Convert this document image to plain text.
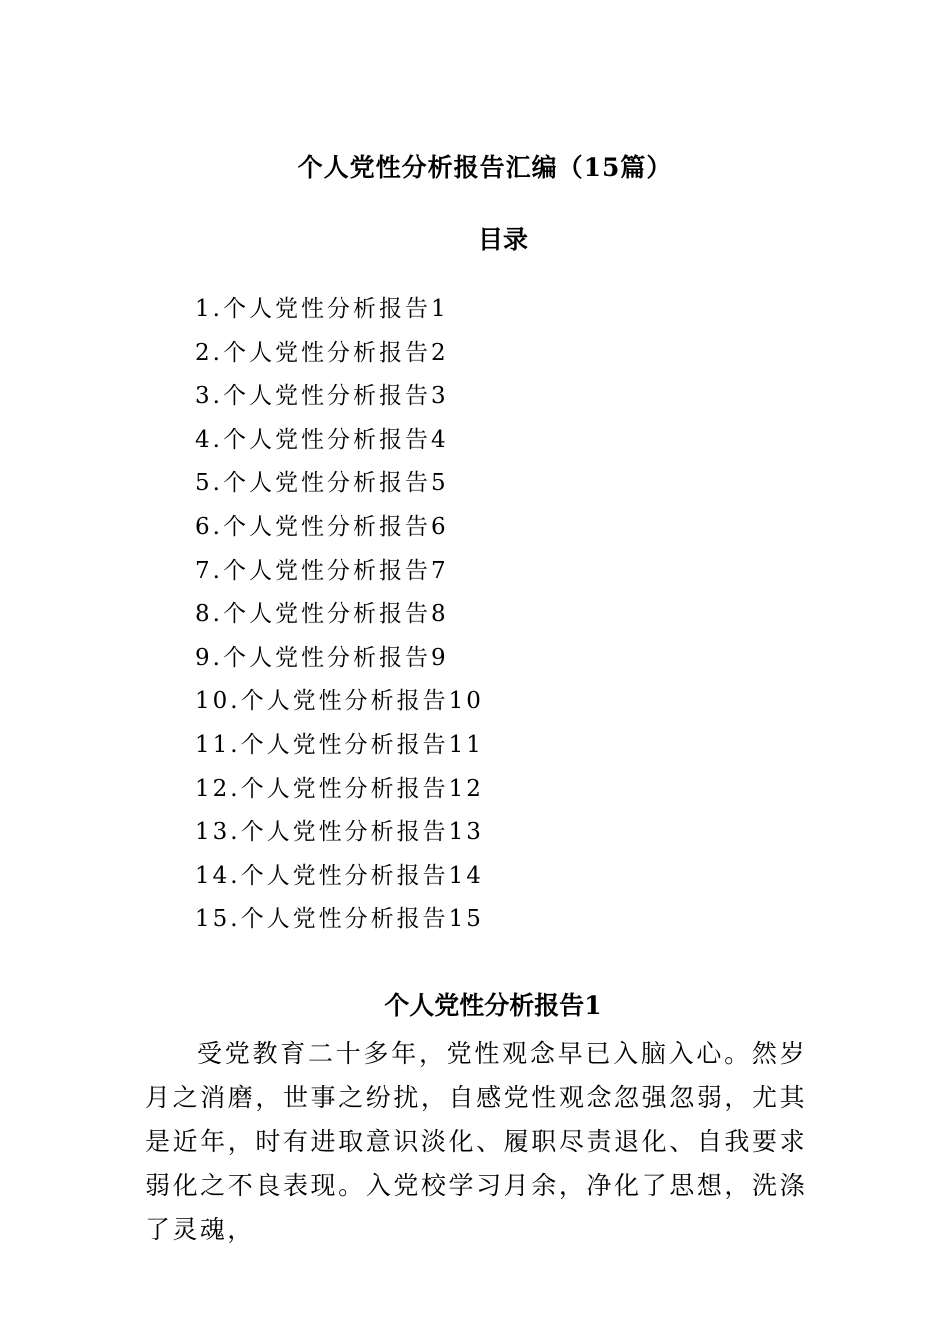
个人党性分析报告汇编（15篇）
目录
1.个人党性分析报告1
2.个人党性分析报告2
3.个人党性分析报告3
4.个人党性分析报告4
5.个人党性分析报告5
6.个人党性分析报告6
7.个人党性分析报告7
8.个人党性分析报告8
9.个人党性分析报告9
10.个人党性分析报告10
11.个人党性分析报告11
12.个人党性分析报告12
13.个人党性分析报告13
14.个人党性分析报告14
15.个人党性分析报告15
个人党性分析报告1

受党教育二十多年，党性观念早已入脑入心。然岁月之消磨，世事之纷扰，自感党性观念忽强忽弱，尤其是近年，时有进取意识淡化、履职尽责退化、自我要求弱化之不良表现。入党校学习月余，净化了思想，洗涤了灵魂，
